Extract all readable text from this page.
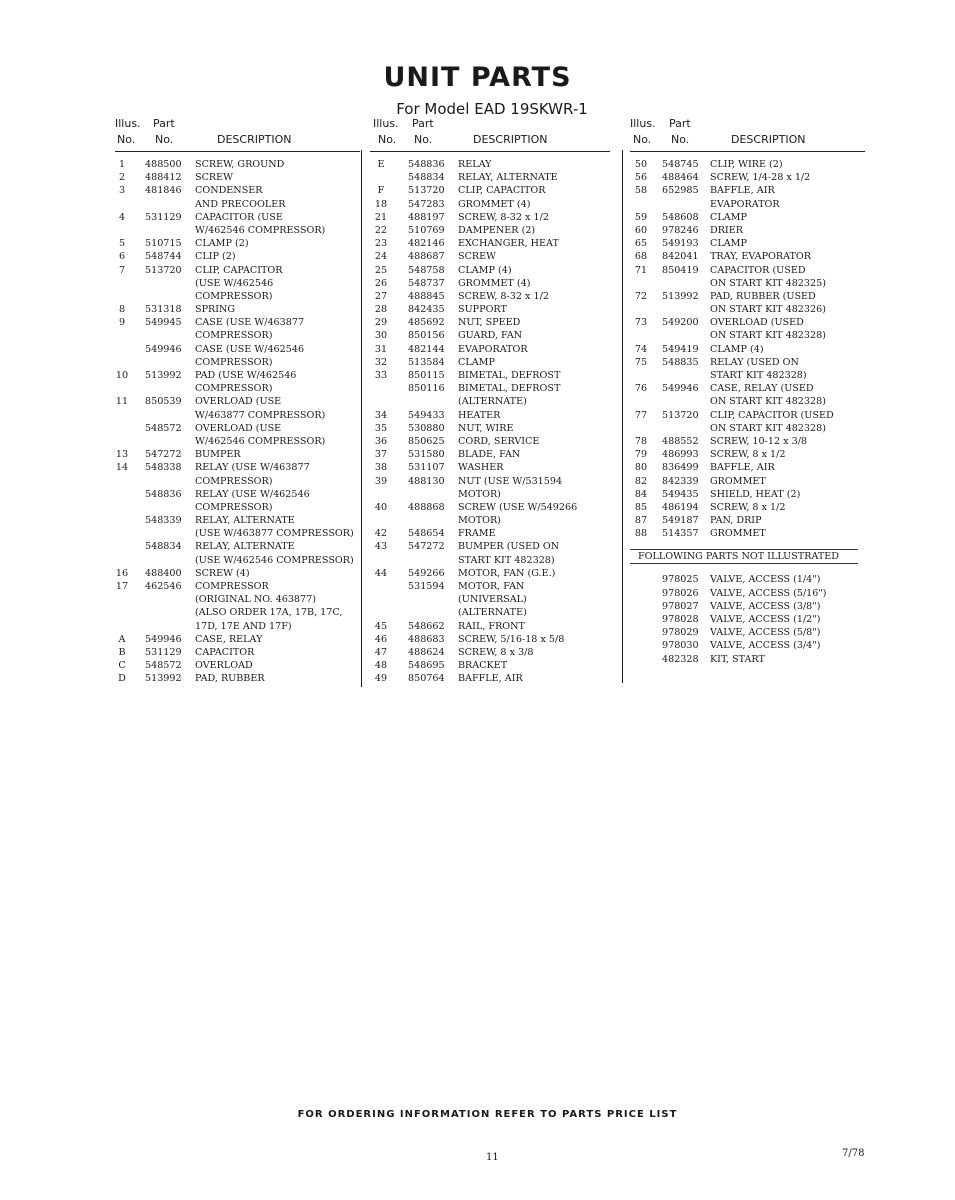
UNIT PARTS
For Model EAD 19SKWR-1
Illus. Part
No. No.	DESCRIPTION
1	488500 SCREW, GROUND
2	488412 SCREW
3	481846 CONDENSER
AND PRECOOLER
4	531129 CAPACITOR (USE
W/462546 COMPRESSOR)
5	510715 CLAMP (2)
6	548744 CLIP (2)
7	513720 CLIP, CAPACITOR
(USE W/462546
COMPRESSOR)
8	531318 SPRING
9	549945 CASE (USE W/463877
COMPRESSOR)
549946 CASE (USE W/462546
COMPRESSOR)
10 513992 PAD (USE W/462546
COMPRESSOR)
11 850539 OVERLOAD (USE
W/463877 COMPRESSOR)
548572 OVERLOAD (USE
W/462546 COMPRESSOR)
13 547272 BUMPER
14 548338 RELAY (USE W/463877
COMPRESSOR)
548836 RELAY (USE W/462546
COMPRESSOR)
548339 RELAY, ALTERNATE
(USE W/463877 COMPRESSOR)
548834 RELAY, ALTERNATE
(USE W/462546 COMPRESSOR)
16 488400 SCREW (4)
17 462546 COMPRESSOR
(ORIGINAL NO. 463877)
(ALSO ORDER 17A, 17B, 17C,
17D, 17E AND 17F)
A	549946 CASE, RELAY
B	531129 CAPACITOR
C	548572 OVERLOAD
D	513992 PAD, RUBBER
Illus. Part
No. No.	DESCRIPTION
E	548836 RELAY
548834 RELAY, ALTERNATE
F	513720 CLIP, CAPACITOR
18	547283 GROMMET (4)
21	488197 SCREW, 8-32 x 1/2
22	510769 DAMPENER (2)
23	482146 EXCHANGER, HEAT
24	488687 SCREW
25	548758 CLAMP (4)
26	548737 GROMMET (4)
27	488845 SCREW, 8-32 x 1/2
28	842435 SUPPORT
29	485692 NUT, SPEED
30	850156 GUARD, FAN
31	482144 EVAPORATOR
32	513584 CLAMP
33	850115 BIMETAL, DEFROST
850116 BIMETAL, DEFROST
(ALTERNATE)
34	549433 HEATER
35	530880 NUT, WIRE
36	850625 CORD, SERVICE
37	531580 BLADE, FAN
38	531107 WASHER
39	488130 NUT (USE W/531594
MOTOR)
40	488868 SCREW (USE W/549266
MOTOR)
42	548654 FRAME
43	547272 BUMPER (USED ON
START KIT 482328)
44	549266 MOTOR, FAN (G.E.)
531594 MOTOR, FAN
(UNIVERSAL)
(ALTERNATE)
45	548662 RAIL, FRONT
46	488683 SCREW, 5/16-18 x 5/8
47	488624 SCREW, 8 x 3/8
48	548695 BRACKET
49	850764 BAFFLE, AIR
Illus. Part
No. No.	DESCRIPTION
50	548745 CLIP, WIRE (2)
56	488464 SCREW, 1/4-28 x 1/2
58	652985 BAFFLE, AIR
EVAPORATOR
59	548608 CLAMP
60	978246 DRIER
65	549193 CLAMP
68	842041 TRAY, EVAPORATOR
71	850419 CAPACITOR (USED
ON START KIT 482325)
72	513992 PAD, RUBBER (USED
ON START KIT 482326)
73	549200 OVERLOAD (USED
ON START KIT 482328)
74	549419 CLAMP (4)
75	548835 RELAY (USED ON
START KIT 482328)
76	549946 CASE, RELAY (USED
ON START KIT 482328)
77	513720 CLIP, CAPACITOR (USED
ON START KIT 482328)
78	488552 SCREW, 10-12 x 3/8
79	486993 SCREW, 8 x 1/2
80	836499 BAFFLE, AIR
82	842339 GROMMET
84	549435 SHIELD, HEAT (2)
85	486194 SCREW, 8 x 1/2
87	549187 PAN, DRIP
88	514357 GROMMET
FOLLOWING PARTS NOT ILLUSTRATED
978025 VALVE, ACCESS (1/4")
978026 VALVE, ACCESS (5/16")
978027 VALVE, ACCESS (3/8")
978028 VALVE, ACCESS (1/2")
978029 VALVE, ACCESS (5/8")
978030 VALVE, ACCESS (3/4")
482328 KIT, START
FOR ORDERING INFORMATION REFER TO PARTS PRICE LIST
11	7/78
